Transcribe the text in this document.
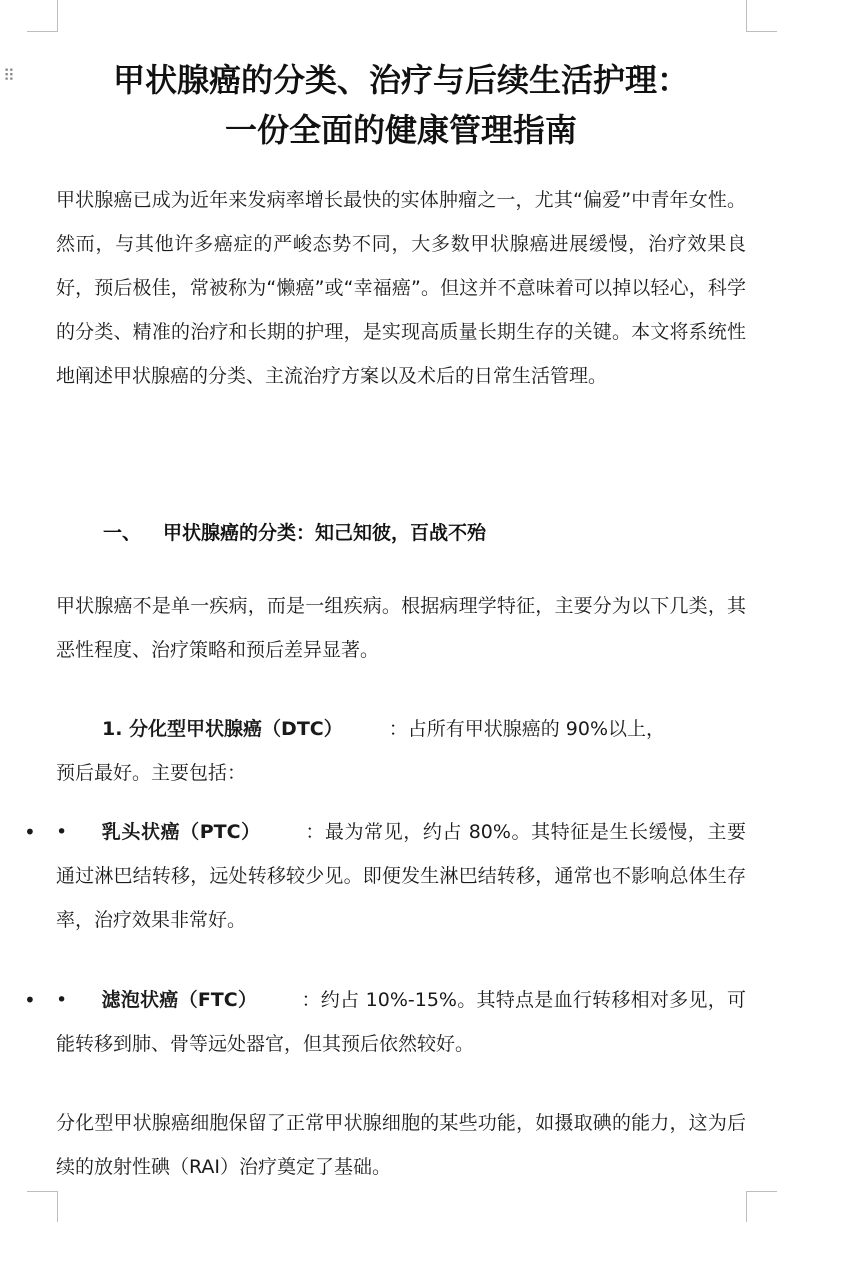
⠿	甲状腺癌的分类、治疗与后续生活护理：
一份全面的健康管理指南

甲状腺癌已成为近年来发病率增长最快的实体肿瘤之一，尤其“偏爱”中青年女性。然而，与其他许多癌症的严峻态势不同，大多数甲状腺癌进展缓慢，治疗效果良好，预后极佳，常被称为“懒癌”或“幸福癌”。但这并不意味着可以掉以轻心，科学的分类、精准的治疗和长期的护理，是实现高质量长期生存的关键。本文将系统性地阐述甲状腺癌的分类、主流治疗方案以及术后的日常生活管理。

一、 甲状腺癌的分类：知己知彼，百战不殆

甲状腺癌不是单一疾病，而是一组疾病。根据病理学特征，主要分为以下几类，其恶性程度、治疗策略和预后差异显著。

1. 分化型甲状腺癌（DTC） ：占所有甲状腺癌的 90%以上，
预后最好。主要包括：
• • 乳头状癌（PTC） ：最为常见，约占 80%。其特征是生长缓慢，主要通过淋巴结转移，远处转移较少见。即便发生淋巴结转移，通常也不影响总体生存率，治疗效果非常好。
• • 滤泡状癌（FTC） ：约占 10%-15%。其特点是血行转移相对多见，可能转移到肺、骨等远处器官，但其预后依然较好。

分化型甲状腺癌细胞保留了正常甲状腺细胞的某些功能，如摄取碘的能力，这为后续的放射性碘（RAI）治疗奠定了基础。
